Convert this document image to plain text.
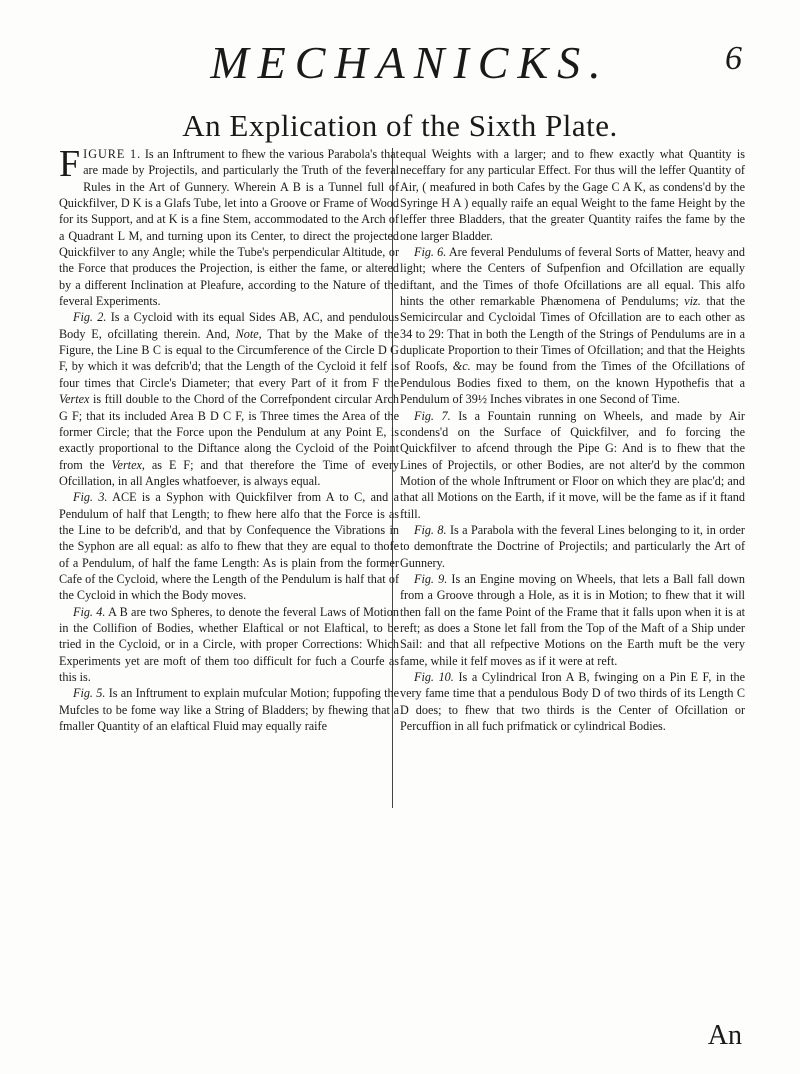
MECHANICKS.	6
An Explication of the Sixth Plate.

FIGURE 1. Is an Inftrument to fhew the various Parabola's that are made by Projectils, and particularly the Truth of the feveral Rules in the Art of Gunnery. Wherein A B is a Tunnel full of Quickfilver, D K is a Glafs Tube, let into a Groove or Frame of Wood for its Support, and at K is a fine Stem, accommodated to the Arch of a Quadrant L M, and turning upon its Center, to direct the projected Quickfilver to any Angle; while the Tube's perpendicular Altitude, or the Force that produces the Projection, is either the fame, or altered by a different Inclination at Pleafure, according to the Nature of the feveral Experiments.

Fig. 2. Is a Cycloid with its equal Sides AB, AC, and pendulous Body E, ofcillating therein. And, Note, That by the Make of the Figure, the Line B C is equal to the Circumference of the Circle D G F, by which it was defcrib'd; that the Length of the Cycloid it felf is four times that Circle's Diameter; that every Part of it from F the Vertex is ftill double to the Chord of the Correfpondent circular Arch G F; that its included Area B D C F, is Three times the Area of the former Circle; that the Force upon the Pendulum at any Point E, is exactly proportional to the Diftance along the Cycloid of the Point from the Vertex, as E F; and that therefore the Time of every Ofcillation, in all Angles whatfoever, is always equal.

Fig. 3. ACE is a Syphon with Quickfilver from A to C, and a Pendulum of half that Length; to fhew here alfo that the Force is as the Line to be defcrib'd, and that by Confequence the Vibrations in the Syphon are all equal: as alfo to fhew that they are equal to thofe of a Pendulum, of half the fame Length: As is plain from the former Cafe of the Cycloid, where the Length of the Pendulum is half that of the Cycloid in which the Body moves.

Fig. 4. A B are two Spheres, to denote the feveral Laws of Motion in the Collifion of Bodies, whether Elaftical or not Elaftical, to be tried in the Cycloid, or in a Circle, with proper Corrections: Which Experiments yet are moft of them too difficult for fuch a Courfe as this is.

Fig. 5. Is an Inftrument to explain mufcular Motion; fuppofing the Mufcles to be fome way like a String of Bladders; by fhewing that a fmaller Quantity of an elaftical Fluid may equally raife

equal Weights with a larger; and to fhew exactly what Quantity is neceffary for any particular Effect. For thus will the leffer Quantity of Air, ( meafured in both Cafes by the Gage C A K, as condens'd by the Syringe H A ) equally raife an equal Weight to the fame Height by the leffer three Bladders, that the greater Quantity raifes the fame by the one larger Bladder.

Fig. 6. Are feveral Pendulums of feveral Sorts of Matter, heavy and light; where the Centers of Sufpenfion and Ofcillation are equally diftant, and the Times of thofe Ofcillations are all equal. This alfo hints the other remarkable Phænomena of Pendulums; viz. that the Semicircular and Cycloidal Times of Ofcillation are to each other as 34 to 29: That in both the Length of the Strings of Pendulums are in a duplicate Proportion to their Times of Ofcillation; and that the Heights of Roofs, &c. may be found from the Times of the Ofcillations of Pendulous Bodies fixed to them, on the known Hypothefis that a Pendulum of 39½ Inches vibrates in one Second of Time.

Fig. 7. Is a Fountain running on Wheels, and made by Air condens'd on the Surface of Quickfilver, and fo forcing the Quickfilver to afcend through the Pipe G: And is to fhew that the Lines of Projectils, or other Bodies, are not alter'd by the common Motion of the whole Inftrument or Floor on which they are plac'd; and that all Motions on the Earth, if it move, will be the fame as if it ftand ftill.

Fig. 8. Is a Parabola with the feveral Lines belonging to it, in order to demonftrate the Doctrine of Projectils; and particularly the Art of Gunnery.

Fig. 9. Is an Engine moving on Wheels, that lets a Ball fall down from a Groove through a Hole, as it is in Motion; to fhew that it will then fall on the fame Point of the Frame that it falls upon when it is at reft; as does a Stone let fall from the Top of the Maft of a Ship under Sail: and that all refpective Motions on the Earth muft be the very fame, while it felf moves as if it were at reft.

Fig. 10. Is a Cylindrical Iron A B, fwinging on a Pin E F, in the very fame time that a pendulous Body D of two thirds of its Length C D does; to fhew that two thirds is the Center of Ofcillation or Percuffion in all fuch prifmatick or cylindrical Bodies.

An
